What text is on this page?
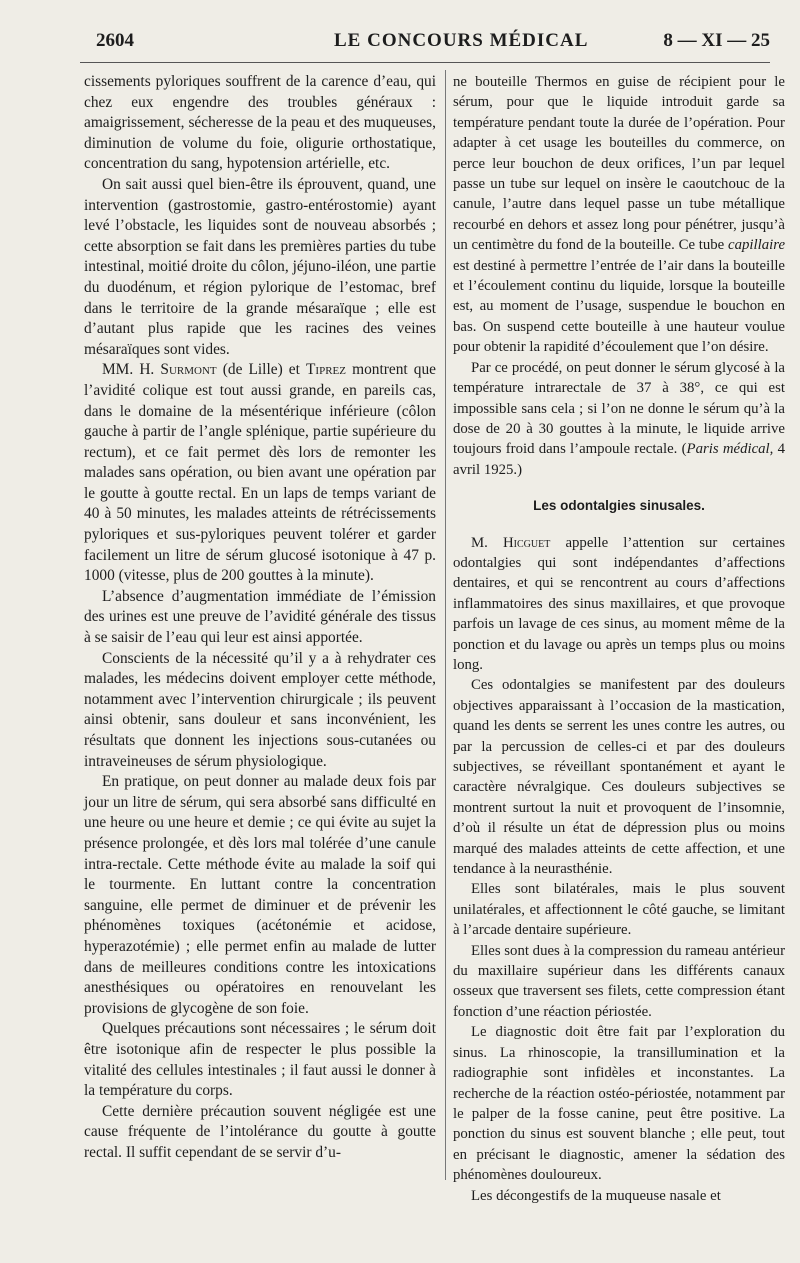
2604	LE CONCOURS MÉDICAL	8 — XI — 25

cissements pyloriques souffrent de la carence d’eau, qui chez eux engendre des troubles généraux : amaigrissement, sécheresse de la peau et des muqueuses, diminution de volume du foie, oligurie orthostatique, concentration du sang, hypotension artérielle, etc.

On sait aussi quel bien-être ils éprouvent, quand, une intervention (gastrostomie, gastro-entérostomie) ayant levé l’obstacle, les liquides sont de nouveau absorbés ; cette absorption se fait dans les premières parties du tube intestinal, moitié droite du côlon, jéjuno-iléon, une partie du duodénum, et région pylorique de l’estomac, bref dans le territoire de la grande mésaraïque ; elle est d’autant plus rapide que les racines des veines mésaraïques sont vides.

MM. H. Surmont (de Lille) et Tiprez montrent que l’avidité colique est tout aussi grande, en pareils cas, dans le domaine de la mésentérique inférieure (côlon gauche à partir de l’angle splénique, partie supérieure du rectum), et ce fait permet dès lors de remonter les malades sans opération, ou bien avant une opération par le goutte à goutte rectal. En un laps de temps variant de 40 à 50 minutes, les malades atteints de rétrécissements pyloriques et sus-pyloriques peuvent tolérer et garder facilement un litre de sérum glucosé isotonique à 47 p. 1000 (vitesse, plus de 200 gouttes à la minute).

L’absence d’augmentation immédiate de l’émission des urines est une preuve de l’avidité générale des tissus à se saisir de l’eau qui leur est ainsi apportée.

Conscients de la nécessité qu’il y a à rehydrater ces malades, les médecins doivent employer cette méthode, notamment avec l’intervention chirurgicale ; ils peuvent ainsi obtenir, sans douleur et sans inconvénient, les résultats que donnent les injections sous-cutanées ou intraveineuses de sérum physiologique.

En pratique, on peut donner au malade deux fois par jour un litre de sérum, qui sera absorbé sans difficulté en une heure ou une heure et demie ; ce qui évite au sujet la présence prolongée, et dès lors mal tolérée d’une canule intra-rectale. Cette méthode évite au malade la soif qui le tourmente. En luttant contre la concentration sanguine, elle permet de diminuer et de prévenir les phénomènes toxiques (acétonémie et acidose, hyperazotémie) ; elle permet enfin au malade de lutter dans de meilleures conditions contre les intoxications anesthésiques ou opératoires en renouvelant les provisions de glycogène de son foie.

Quelques précautions sont nécessaires ; le sérum doit être isotonique afin de respecter le plus possible la vitalité des cellules intestinales ; il faut aussi le donner à la température du corps.

Cette dernière précaution souvent négligée est une cause fréquente de l’intolérance du goutte à goutte rectal. Il suffit cependant de se servir d’u-

ne bouteille Thermos en guise de récipient pour le sérum, pour que le liquide introduit garde sa température pendant toute la durée de l’opération. Pour adapter à cet usage les bouteilles du commerce, on perce leur bouchon de deux orifices, l’un par lequel passe un tube sur lequel on insère le caoutchouc de la canule, l’autre dans lequel passe un tube métallique recourbé en dehors et assez long pour pénétrer, jusqu’à un centimètre du fond de la bouteille. Ce tube capillaire est destiné à permettre l’entrée de l’air dans la bouteille et l’écoulement continu du liquide, lorsque la bouteille est, au moment de l’usage, suspendue le bouchon en bas. On suspend cette bouteille à une hauteur voulue pour obtenir la rapidité d’écoulement que l’on désire.

Par ce procédé, on peut donner le sérum glycosé à la température intrarectale de 37 à 38°, ce qui est impossible sans cela ; si l’on ne donne le sérum qu’à la dose de 20 à 30 gouttes à la minute, le liquide arrive toujours froid dans l’ampoule rectale. (Paris médical, 4 avril 1925.)

Les odontalgies sinusales.

M. Hicguet appelle l’attention sur certaines odontalgies qui sont indépendantes d’affections dentaires, et qui se rencontrent au cours d’affections inflammatoires des sinus maxillaires, et que provoque parfois un lavage de ces sinus, au moment même de la ponction et du lavage ou après un temps plus ou moins long.

Ces odontalgies se manifestent par des douleurs objectives apparaissant à l’occasion de la mastication, quand les dents se serrent les unes contre les autres, ou par la percussion de celles-ci et par des douleurs subjectives, se réveillant spontanément et ayant le caractère névralgique. Ces douleurs subjectives se montrent surtout la nuit et provoquent de l’insomnie, d’où il résulte un état de dépression plus ou moins marqué des malades atteints de cette affection, et une tendance à la neurasthénie.

Elles sont bilatérales, mais le plus souvent unilatérales, et affectionnent le côté gauche, se limitant à l’arcade dentaire supérieure.

Elles sont dues à la compression du rameau antérieur du maxillaire supérieur dans les différents canaux osseux que traversent ses filets, cette compression étant fonction d’une réaction périostée.

Le diagnostic doit être fait par l’exploration du sinus. La rhinoscopie, la transillumination et la radiographie sont infidèles et inconstantes. La recherche de la réaction ostéo-périostée, notamment par le palper de la fosse canine, peut être positive. La ponction du sinus est souvent blanche ; elle peut, tout en précisant le diagnostic, amener la sédation des phénomènes douloureux.

Les décongestifs de la muqueuse nasale et
